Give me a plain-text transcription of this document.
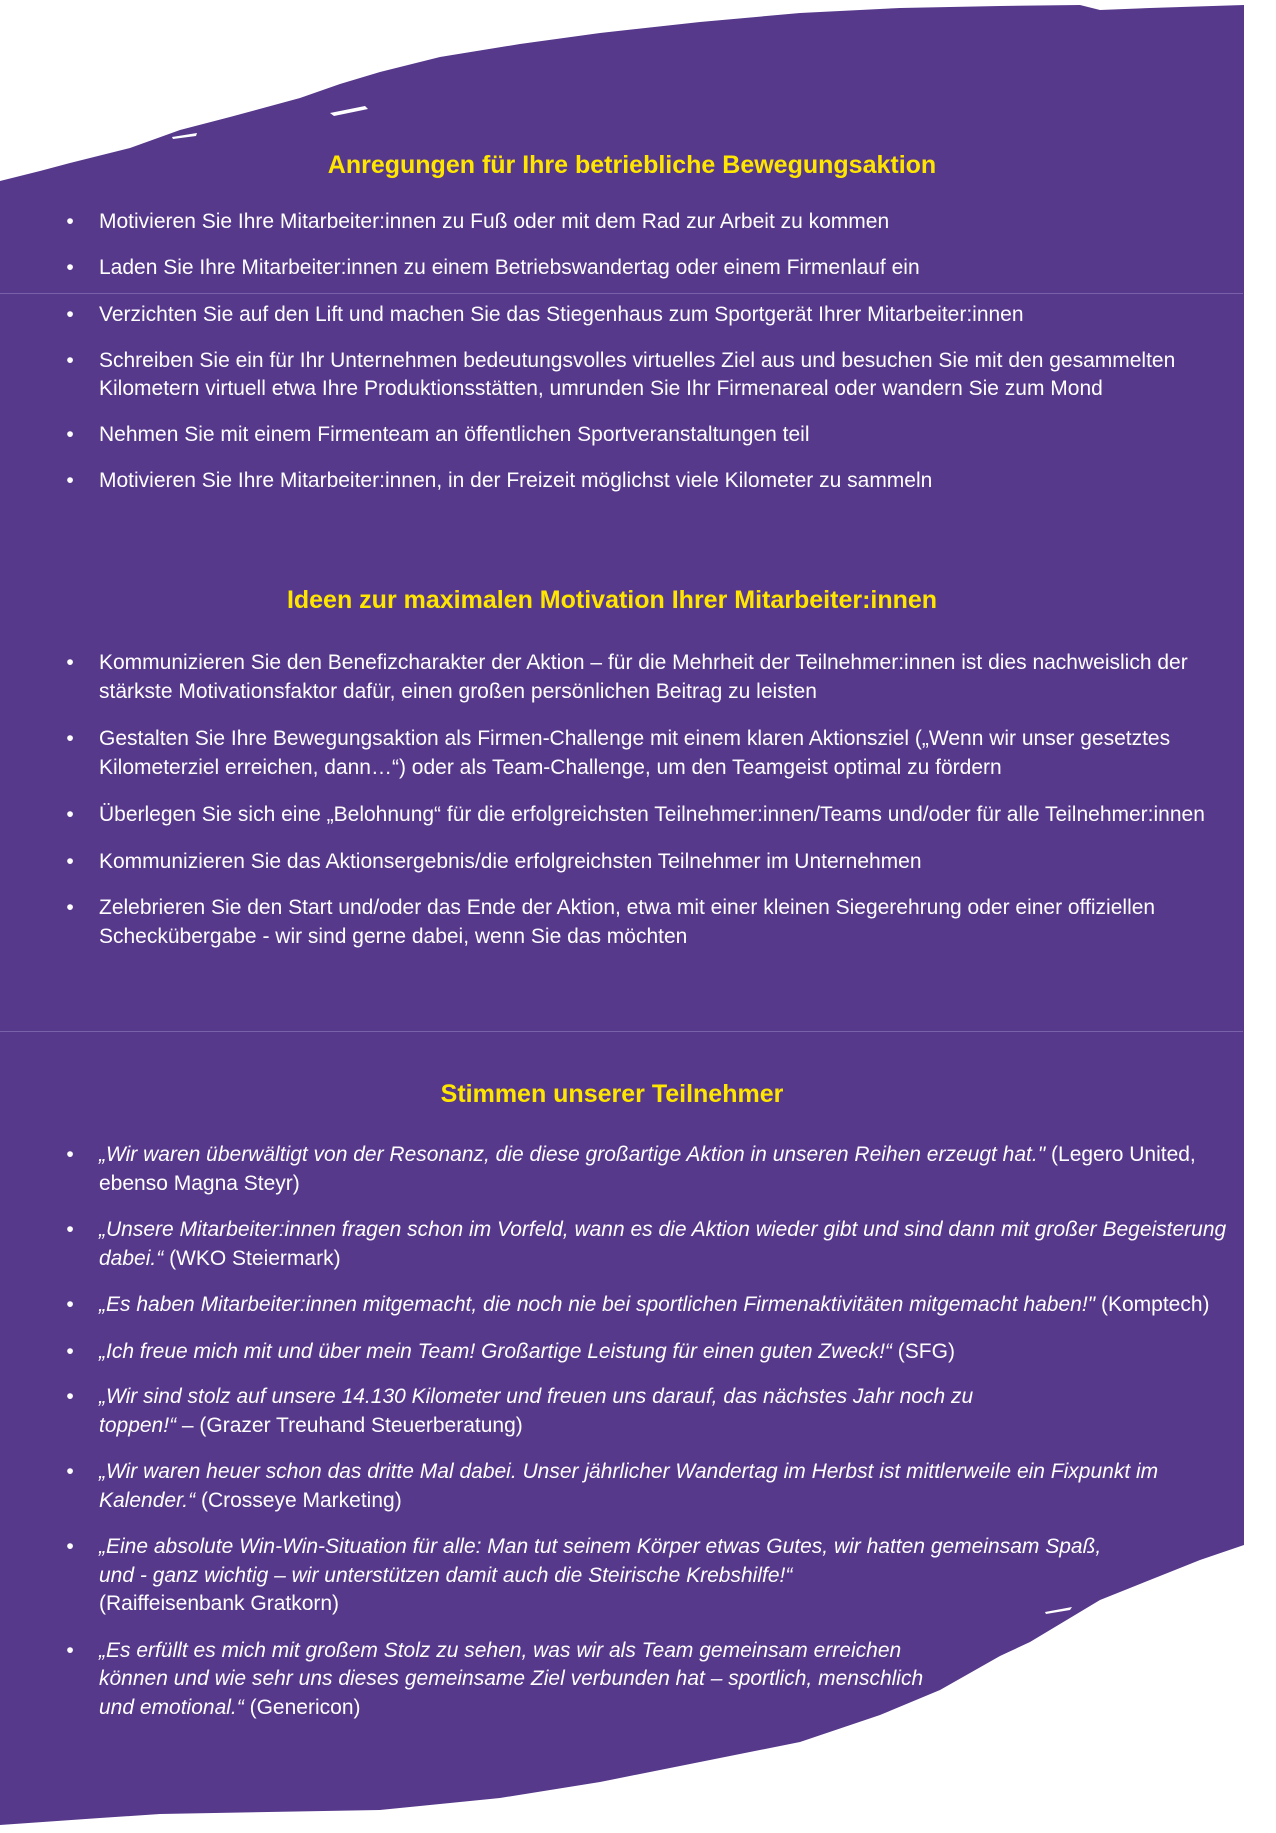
Anregungen für Ihre betriebliche Bewegungsaktion
• Motivieren Sie Ihre Mitarbeiter:innen zu Fuß oder mit dem Rad zur Arbeit zu kommen
• Laden Sie Ihre Mitarbeiter:innen zu einem Betriebswandertag oder einem Firmenlauf ein
• Verzichten Sie auf den Lift und machen Sie das Stiegenhaus zum Sportgerät Ihrer Mitarbeiter:innen
• Schreiben Sie ein für Ihr Unternehmen bedeutungsvolles virtuelles Ziel aus und besuchen Sie mit den gesammelten Kilometern virtuell etwa Ihre Produktionsstätten, umrunden Sie Ihr Firmenareal oder wandern Sie zum Mond
• Nehmen Sie mit einem Firmenteam an öffentlichen Sportveranstaltungen teil
• Motivieren Sie Ihre Mitarbeiter:innen, in der Freizeit möglichst viele Kilometer zu sammeln
Ideen zur maximalen Motivation Ihrer Mitarbeiter:innen
• Kommunizieren Sie den Benefizcharakter der Aktion – für die Mehrheit der Teilnehmer:innen ist dies nachweislich der stärkste Motivationsfaktor dafür, einen großen persönlichen Beitrag zu leisten
• Gestalten Sie Ihre Bewegungsaktion als Firmen-Challenge mit einem klaren Aktionsziel („Wenn wir unser gesetztes Kilometerziel erreichen, dann…“) oder als Team-Challenge, um den Teamgeist optimal zu fördern
• Überlegen Sie sich eine „Belohnung“ für die erfolgreichsten Teilnehmer:innen/Teams und/oder für alle Teilnehmer:innen
• Kommunizieren Sie das Aktionsergebnis/die erfolgreichsten Teilnehmer im Unternehmen
• Zelebrieren Sie den Start und/oder das Ende der Aktion, etwa mit einer kleinen Siegerehrung oder einer offiziellen Scheckübergabe - wir sind gerne dabei, wenn Sie das möchten
Stimmen unserer Teilnehmer
• „Wir waren überwältigt von der Resonanz, die diese großartige Aktion in unseren Reihen erzeugt hat." (Legero United, ebenso Magna Steyr)
• „Unsere Mitarbeiter:innen fragen schon im Vorfeld, wann es die Aktion wieder gibt und sind dann mit großer Begeisterung dabei.“ (WKO Steiermark)
• „Es haben Mitarbeiter:innen mitgemacht, die noch nie bei sportlichen Firmenaktivitäten mitgemacht haben!" (Komptech)
• „Ich freue mich mit und über mein Team! Großartige Leistung für einen guten Zweck!“ (SFG)
• „Wir sind stolz auf unsere 14.130 Kilometer und freuen uns darauf, das nächstes Jahr noch zu toppen!“ – (Grazer Treuhand Steuerberatung)
• „Wir waren heuer schon das dritte Mal dabei. Unser jährlicher Wandertag im Herbst ist mittlerweile ein Fixpunkt im Kalender.“ (Crosseye Marketing)
• „Eine absolute Win-Win-Situation für alle: Man tut seinem Körper etwas Gutes, wir hatten gemeinsam Spaß, und - ganz wichtig – wir unterstützen damit auch die Steirische Krebshilfe!“
(Raiffeisenbank Gratkorn)
• „Es erfüllt es mich mit großem Stolz zu sehen, was wir als Team gemeinsam erreichen können und wie sehr uns dieses gemeinsame Ziel verbunden hat – sportlich, menschlich und emotional.“ (Genericon)
